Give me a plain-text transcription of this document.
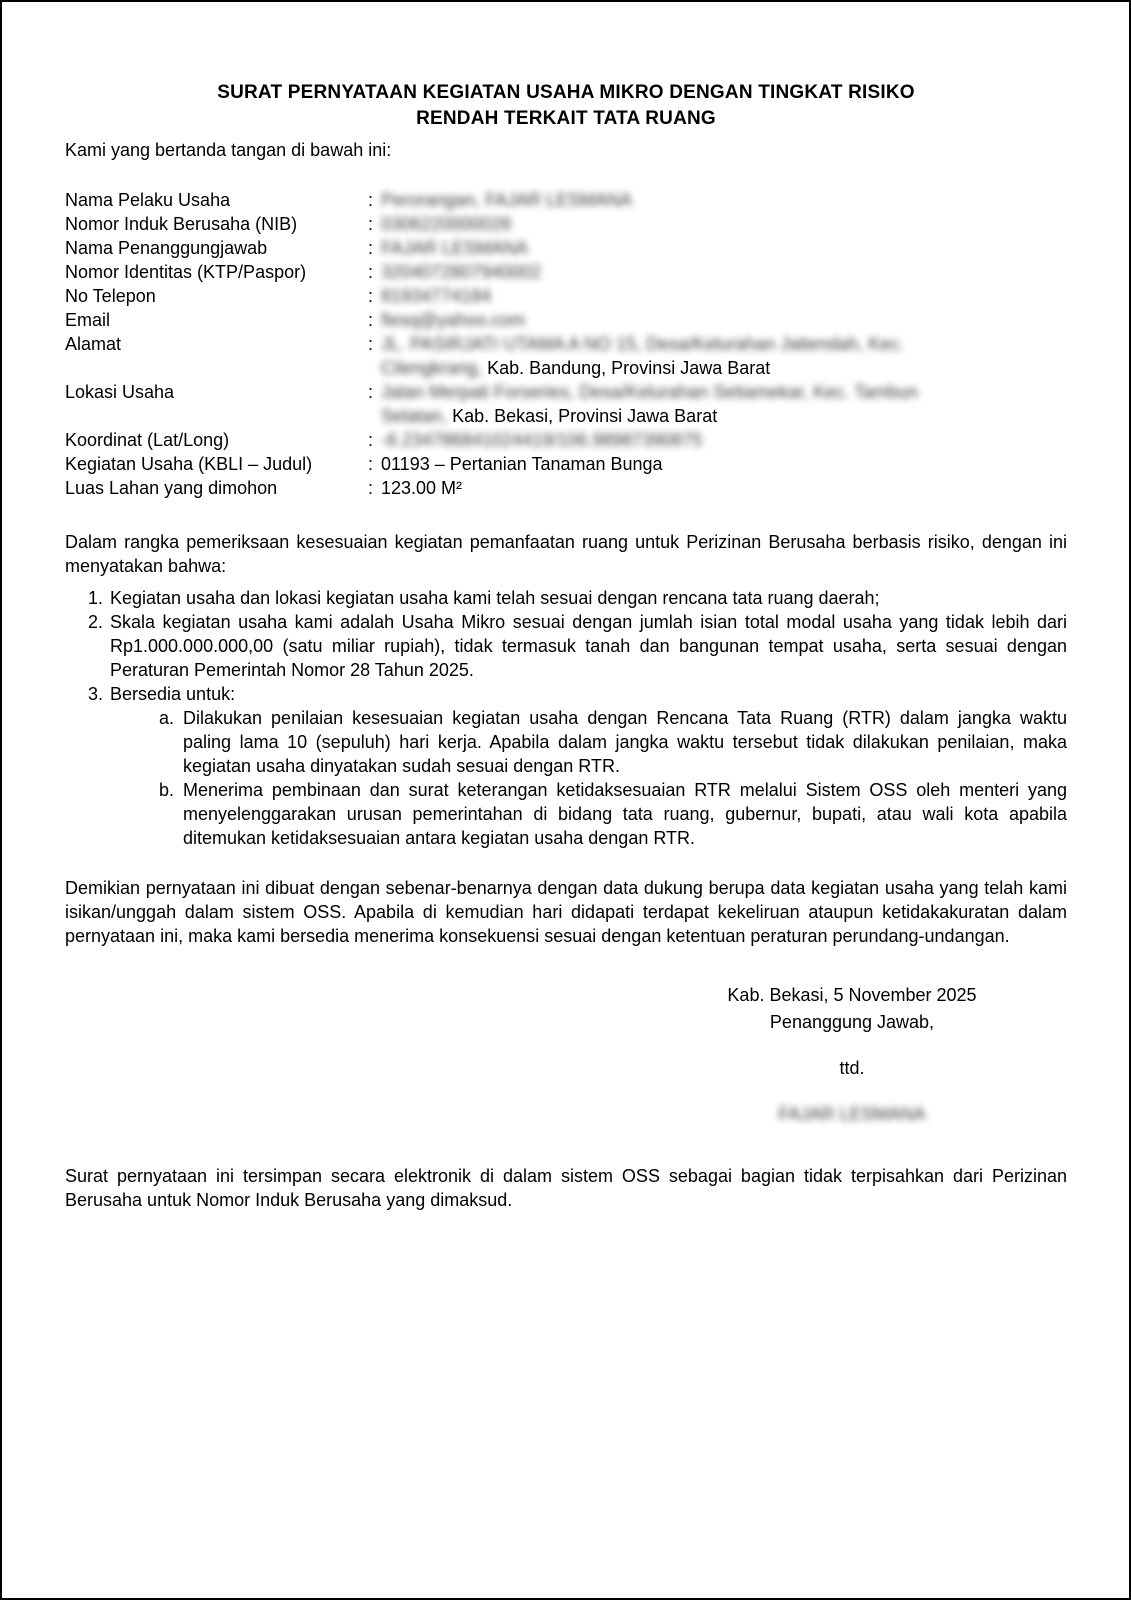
SURAT PERNYATAAN KEGIATAN USAHA MIKRO DENGAN TINGKAT RISIKO
RENDAH TERKAIT TATA RUANG

Kami yang bertanda tangan di bawah ini:

Nama Pelaku Usaha	: Perorangan, FAJAR LESMANA
Nomor Induk Berusaha (NIB)	: 0306220000028
Nama Penanggungjawab	: FAJAR LESMANA
Nomor Identitas (KTP/Paspor)	: 3204072807940002
No Telepon	: 81934774184
Email	: fiesq@yahoo.com
Alamat	: JL. PASIRJATI UTAMA A NO 15, Desa/Kelurahan Jatiendah, Kec.
Cilengkrang, Kab. Bandung, Provinsi Jawa Barat
Lokasi Usaha	: Jalan Merpati Forseries, Desa/Kelurahan Setiamekar, Kec. Tambun
Selatan, Kab. Bekasi, Provinsi Jawa Barat
Koordinat (Lat/Long)	: -6.234786841024419/106.98987390875
Kegiatan Usaha (KBLI – Judul)	: 01193 – Pertanian Tanaman Bunga
Luas Lahan yang dimohon	: 123.00 M²

Dalam rangka pemeriksaan kesesuaian kegiatan pemanfaatan ruang untuk Perizinan Berusaha berbasis risiko, dengan ini menyatakan bahwa:

1. Kegiatan usaha dan lokasi kegiatan usaha kami telah sesuai dengan rencana tata ruang daerah;
2. Skala kegiatan usaha kami adalah Usaha Mikro sesuai dengan jumlah isian total modal usaha yang tidak lebih dari Rp1.000.000.000,00 (satu miliar rupiah), tidak termasuk tanah dan bangunan tempat usaha, serta sesuai dengan Peraturan Pemerintah Nomor 28 Tahun 2025.
3. Bersedia untuk:
a. Dilakukan penilaian kesesuaian kegiatan usaha dengan Rencana Tata Ruang (RTR) dalam jangka waktu paling lama 10 (sepuluh) hari kerja. Apabila dalam jangka waktu tersebut tidak dilakukan penilaian, maka kegiatan usaha dinyatakan sudah sesuai dengan RTR.
b. Menerima pembinaan dan surat keterangan ketidaksesuaian RTR melalui Sistem OSS oleh menteri yang menyelenggarakan urusan pemerintahan di bidang tata ruang, gubernur, bupati, atau wali kota apabila ditemukan ketidaksesuaian antara kegiatan usaha dengan RTR.

Demikian pernyataan ini dibuat dengan sebenar-benarnya dengan data dukung berupa data kegiatan usaha yang telah kami isikan/unggah dalam sistem OSS. Apabila di kemudian hari didapati terdapat kekeliruan ataupun ketidakakuratan dalam pernyataan ini, maka kami bersedia menerima konsekuensi sesuai dengan ketentuan peraturan perundang-undangan.

Kab. Bekasi, 5 November 2025
Penanggung Jawab,
ttd.
FAJAR LESMANA

Surat pernyataan ini tersimpan secara elektronik di dalam sistem OSS sebagai bagian tidak terpisahkan dari Perizinan Berusaha untuk Nomor Induk Berusaha yang dimaksud.
